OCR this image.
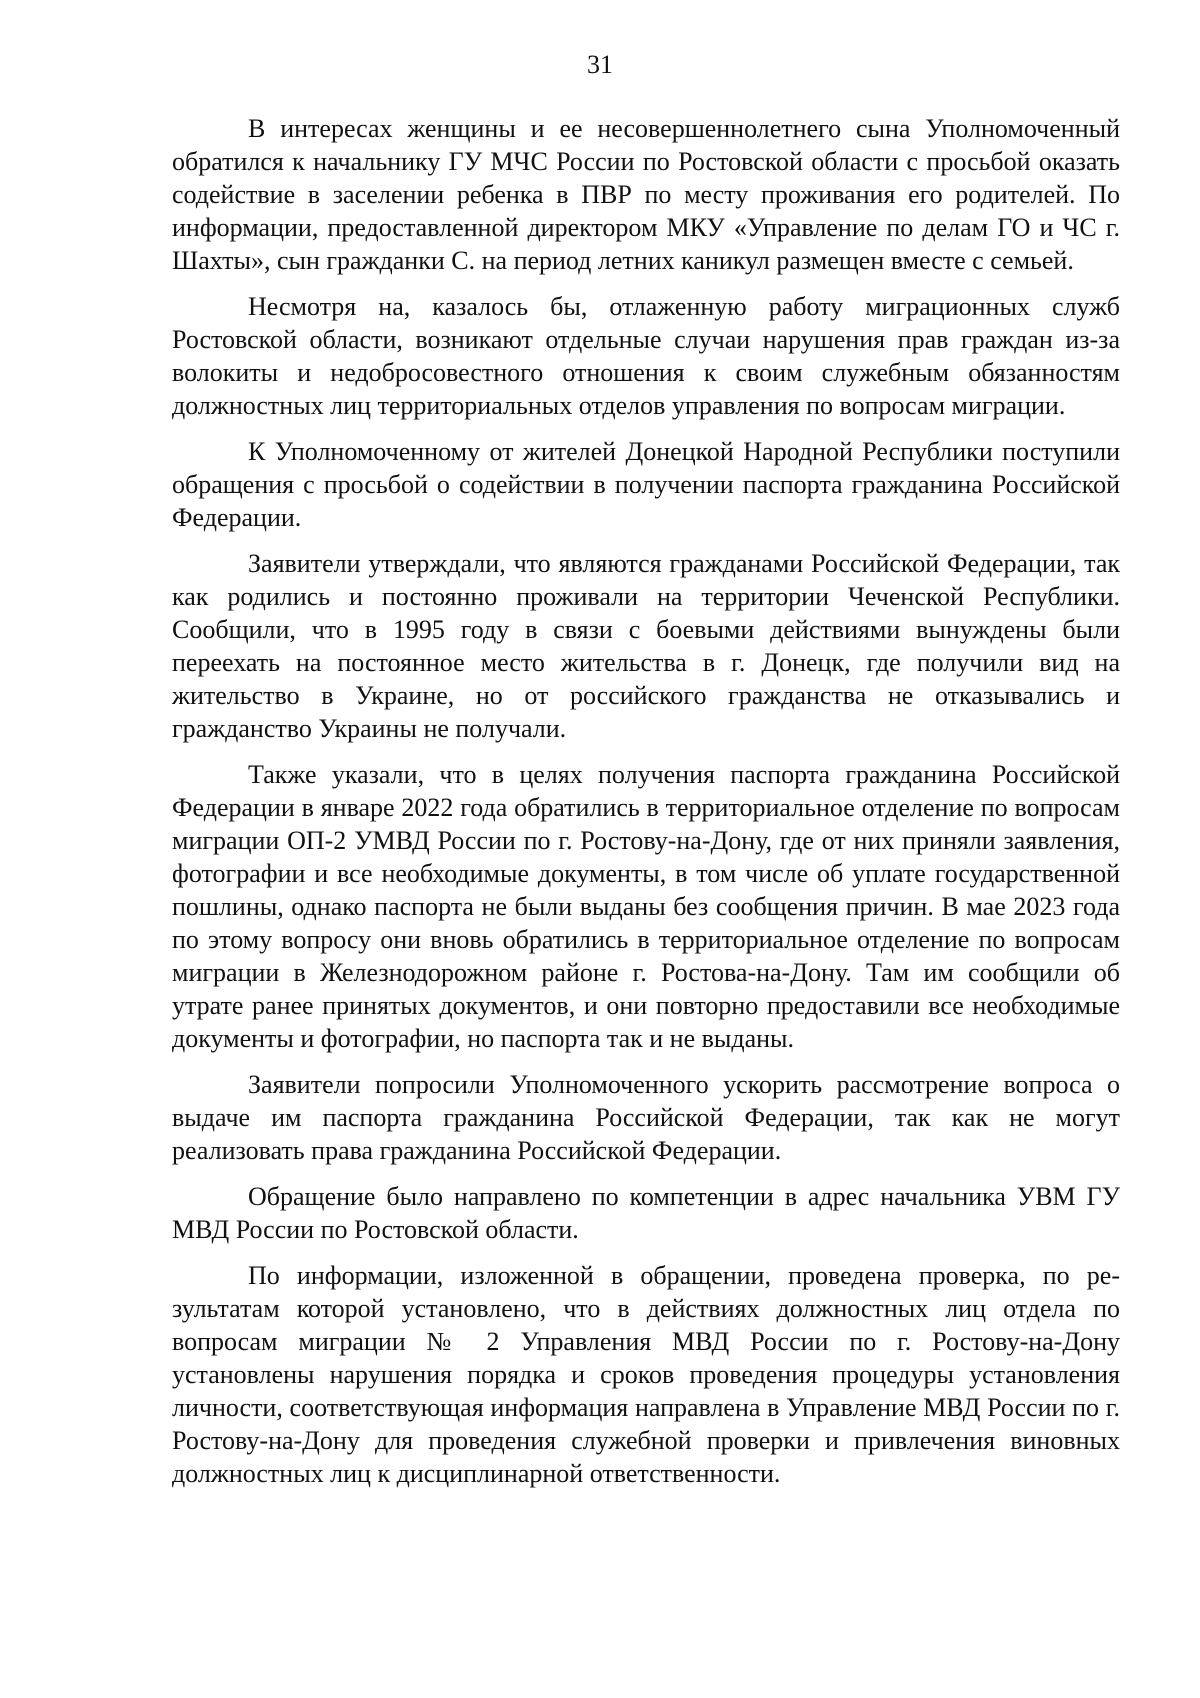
31

В интересах женщины и ее несовершеннолетнего сына Уполномоченный обратился к начальнику ГУ МЧС России по Ростовской области с просьбой оказать содействие в заселении ребенка в ПВР по месту проживания его родителей. По информации, предоставленной директором МКУ «Управление по делам ГО и ЧС г. Шахты», сын гражданки С. на период летних каникул размещен вместе с семьей.

Несмотря на, казалось бы, отлаженную работу миграционных служб Ростовской области, возникают отдельные случаи нарушения прав граждан из-за волокиты и недобросовестного отношения к своим служебным обязанностям должностных лиц территориальных отделов управления по вопросам миграции.

К Уполномоченному от жителей Донецкой Народной Республики поступили обращения с просьбой о содействии в получении паспорта гражданина Российской Федерации.

Заявители утверждали, что являются гражданами Российской Федерации, так как родились и постоянно проживали на территории Чеченской Республики. Сообщили, что в 1995 году в связи с боевыми действиями вынуждены были переехать на постоянное место жительства в г. Донецк, где получили вид на жительство в Украине, но от российского гражданства не отказывались и гражданство Украины не получали.

Также указали, что в целях получения паспорта гражданина Российской Федерации в январе 2022 года обратились в территориальное отделение по вопросам миграции ОП-2 УМВД России по г. Ростову-на-Дону, где от них приняли заявления, фотографии и все необходимые документы, в том числе об уплате государственной пошлины, однако паспорта не были выданы без сообщения причин. В мае 2023 года по этому вопросу они вновь обратились в территориальное отделение по вопросам миграции в Железнодорожном районе г. Ростова-на-Дону. Там им сообщили об утрате ранее принятых документов, и они повторно предоставили все необходимые документы и фотографии, но паспорта так и не выданы.

Заявители попросили Уполномоченного ускорить рассмотрение вопроса о выдаче им паспорта гражданина Российской Федерации, так как не могут реализовать права гражданина Российской Федерации.

Обращение было направлено по компетенции в адрес начальника УВМ ГУ МВД России по Ростовской области.

По информации, изложенной в обращении, проведена проверка, по результатам которой установлено, что в действиях должностных лиц отдела по вопросам миграции № 2 Управления МВД России по г. Ростову-на-Дону установлены нарушения порядка и сроков проведения процедуры установления личности, соответствующая информация направлена в Управление МВД России по г. Ростову-на-Дону для проведения служебной проверки и привлечения виновных должностных лиц к дисциплинарной ответственности.
